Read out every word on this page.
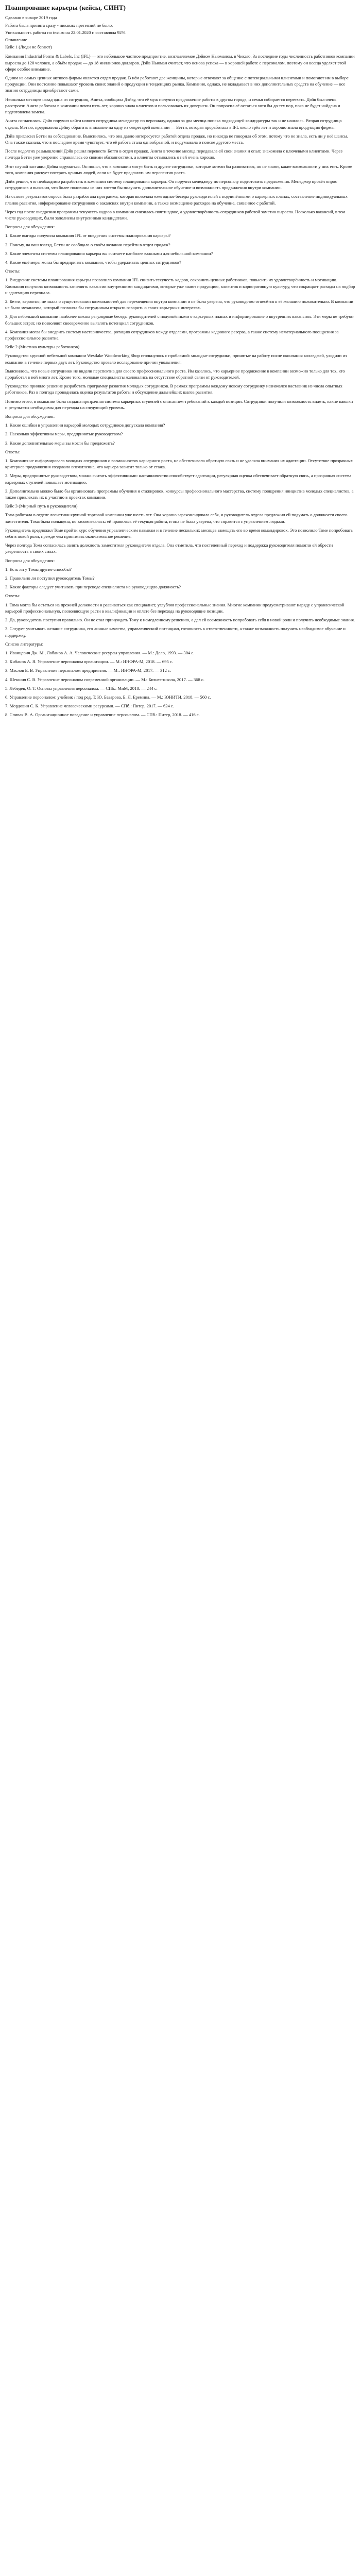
Планирование карьеры (кейсы, СИНТ)

Сделано в январе 2019 года

Работа была принята сразу - никаких претензий не было.

Уникальность работы по text.ru на 22.01.2020 г. составляла 92%.

Оглавление

Кейс 1 (Люди не бегают)

Компания Industrial Forms & Labels, Inc (IFL) — это небольшое частное предприятие, возглавляемое Дэйвом Ньюманом, в Чикаго. За последние годы численность работников компании выросла до 120 человек, а объём продаж — до 18 миллионов долларов. Дэйв Ньюман считает, что основа успеха — в хорошей работе с персоналом, поэтому он всегда уделяет этой сфере особое внимание.

Одним из самых ценных активов фирмы является отдел продаж. В нём работают две женщины, которые отвечают за общение с потенциальными клиентами и помогают им в выборе продукции. Они постоянно повышают уровень своих знаний о продукции и тенденциях рынка. Компания, однако, не вкладывает в них дополнительных средств на обучение — все знания сотрудницы приобретают сами.

Несколько месяцев назад одна из сотрудниц, Анита, сообщила Дэйву, что её муж получил предложение работы в другом городе, и семья собирается переехать. Дэйв был очень расстроен: Анита работала в компании почти пять лет, хорошо знала клиентов и пользовалась их доверием. Он попросил её остаться хотя бы до тех пор, пока не будет найдена и подготовлена замена.

Анита согласилась. Дэйв поручил найти нового сотрудника менеджеру по персоналу, однако за два месяца поиска подходящей кандидатуры так и не нашлось. Вторая сотрудница отдела, Мэтью, предложила Дэйву обратить внимание на одну из секретарей компании — Бетти, которая проработала в IFL около трёх лет и хорошо знала продукцию фирмы.

Дэйв пригласил Бетти на собеседование. Выяснилось, что она давно интересуется работой отдела продаж, но никогда не говорила об этом, потому что не знала, есть ли у неё шансы. Она также сказала, что в последнее время чувствует, что её работа стала однообразной, и подумывала о поиске другого места.

После недолгих размышлений Дэйв решил перевести Бетти в отдел продаж. Анита в течение месяца передавала ей свои знания и опыт, знакомила с ключевыми клиентами. Через полгода Бетти уже уверенно справлялась со своими обязанностями, а клиенты отзывались о ней очень хорошо.

Этот случай заставил Дэйва задуматься. Он понял, что в компании могут быть и другие сотрудники, которые хотели бы развиваться, но не знают, какие возможности у них есть. Кроме того, компания рискует потерять ценных людей, если не будет предлагать им перспектив роста.

Дэйв решил, что необходимо разработать в компании систему планирования карьеры. Он поручил менеджеру по персоналу подготовить предложения. Менеджер провёл опрос сотрудников и выяснил, что более половины из них хотели бы получить дополнительное обучение и возможность продвижения внутри компании.

На основе результатов опроса была разработана программа, которая включала ежегодные беседы руководителей с подчинёнными о карьерных планах, составление индивидуальных планов развития, информирование сотрудников о вакансиях внутри компании, а также возмещение расходов на обучение, связанное с работой.

Через год после внедрения программы текучесть кадров в компании снизилась почти вдвое, а удовлетворённость сотрудников работой заметно выросла. Несколько вакансий, в том числе руководящих, были заполнены внутренними кандидатами.

Вопросы для обсуждения:

1. Какие выгоды получила компания IFL от внедрения системы планирования карьеры?

2. Почему, на ваш взгляд, Бетти не сообщала о своём желании перейти в отдел продаж?

3. Какие элементы системы планирования карьеры вы считаете наиболее важными для небольшой компании?

4. Какие ещё меры могла бы предпринять компания, чтобы удерживать ценных сотрудников?

Ответы:

1. Внедрение системы планирования карьеры позволило компании IFL снизить текучесть кадров, сохранить ценных работников, повысить их удовлетворённость и мотивацию. Компания получила возможность заполнять вакансии внутренними кандидатами, которые уже знают продукцию, клиентов и корпоративную культуру, что сокращает расходы на подбор и адаптацию персонала.

2. Бетти, вероятно, не знала о существовании возможностей для перемещения внутри компании и не была уверена, что руководство отнесётся к её желанию положительно. В компании не было механизма, который позволял бы сотрудникам открыто говорить о своих карьерных интересах.

3. Для небольшой компании наиболее важны регулярные беседы руководителей с подчинёнными о карьерных планах и информирование о внутренних вакансиях. Эти меры не требуют больших затрат, но позволяют своевременно выявлять потенциал сотрудников.

4. Компания могла бы внедрить систему наставничества, ротацию сотрудников между отделами, программы кадрового резерва, а также систему нематериального поощрения за профессиональное развитие.

Кейс 2 (Мистика культуры работников)

Руководство крупной мебельной компании Westlake Woodworking Shop столкнулось с проблемой: молодые сотрудники, принятые на работу после окончания колледжей, уходили из компании в течение первых двух лет. Руководство провело исследование причин увольнения.

Выяснилось, что новые сотрудники не видели перспектив для своего профессионального роста. Им казалось, что карьерное продвижение в компании возможно только для тех, кто проработал в ней много лет. Кроме того, молодые специалисты жаловались на отсутствие обратной связи от руководителей.

Руководство приняло решение разработать программу развития молодых сотрудников. В рамках программы каждому новому сотруднику назначался наставник из числа опытных работников. Раз в полгода проводилась оценка результатов работы и обсуждение дальнейших шагов развития.

Помимо этого, в компании была создана прозрачная система карьерных ступеней с описанием требований к каждой позиции. Сотрудники получили возможность видеть, какие навыки и результаты необходимы для перехода на следующий уровень.

Вопросы для обсуждения:

1. Какие ошибки в управлении карьерой молодых сотрудников допускала компания?

2. Насколько эффективны меры, предпринятые руководством?

3. Какие дополнительные меры вы могли бы предложить?

Ответы:

1. Компания не информировала молодых сотрудников о возможностях карьерного роста, не обеспечивала обратную связь и не уделяла внимания их адаптации. Отсутствие прозрачных критериев продвижения создавало впечатление, что карьера зависит только от стажа.

2. Меры, предпринятые руководством, можно считать эффективными: наставничество способствует адаптации, регулярная оценка обеспечивает обратную связь, а прозрачная система карьерных ступеней повышает мотивацию.

3. Дополнительно можно было бы организовать программы обучения и стажировок, конкурсы профессионального мастерства, систему поощрения инициатив молодых специалистов, а также привлекать их к участию в проектах компании.

Кейс 3 (Мирный путь в руководители)

Тома работала в отделе логистики крупной торговой компании уже шесть лет. Она хорошо зарекомендовала себя, и руководитель отдела предложил ей подумать о должности своего заместителя. Тома была польщена, но засомневалась: ей нравилась её текущая работа, и она не была уверена, что справится с управлением людьми.

Руководитель предложил Томе пройти курс обучения управленческим навыкам и в течение нескольких месяцев замещать его во время командировок. Это позволило Томе попробовать себя в новой роли, прежде чем принимать окончательное решение.

Через полгода Тома согласилась занять должность заместителя руководителя отдела. Она отметила, что постепенный переход и поддержка руководителя помогли ей обрести уверенность в своих силах.

Вопросы для обсуждения:

1. Есть ли у Томы другие способы?

2. Правильно ли поступил руководитель Томы?

3. Какие факторы следует учитывать при переводе специалиста на руководящую должность?

Ответы:

1. Тома могла бы остаться на прежней должности и развиваться как специалист, углубляя профессиональные знания. Многие компании предусматривают наряду с управленческой карьерой профессиональную, позволяющую расти в квалификации и оплате без перехода на руководящие позиции.

2. Да, руководитель поступил правильно. Он не стал принуждать Тому к немедленному решению, а дал ей возможность попробовать себя в новой роли и получить необходимые знания.

3. Следует учитывать желание сотрудника, его личные качества, управленческий потенциал, готовность к ответственности, а также возможность получить необходимое обучение и поддержку.

Список литературы:

1. Иванцевич Дж. М., Лобанов А. А. Человеческие ресурсы управления. — М.: Дело, 1993. — 304 с.

2. Кибанов А. Я. Управление персоналом организации. — М.: ИНФРА-М, 2018. — 695 с.

3. Маслов Е. В. Управление персоналом предприятия. — М.: ИНФРА-М, 2017. — 312 с.

4. Шекшня С. В. Управление персоналом современной организации. — М.: Бизнес-школа, 2017. — 368 с.

5. Лебедев, О. Т. Основы управления персоналом. — СПб.: МиМ, 2018. — 244 с.

6. Управление персоналом: учебник / под ред. Т. Ю. Базарова, Б. Л. Еремина. — М.: ЮНИТИ, 2018. — 560 с.

7. Мордовин С. К. Управление человеческими ресурсами. — СПб.: Питер, 2017. — 624 с.

8. Спивак В. А. Организационное поведение и управление персоналом. — СПб.: Питер, 2018. — 416 с.
